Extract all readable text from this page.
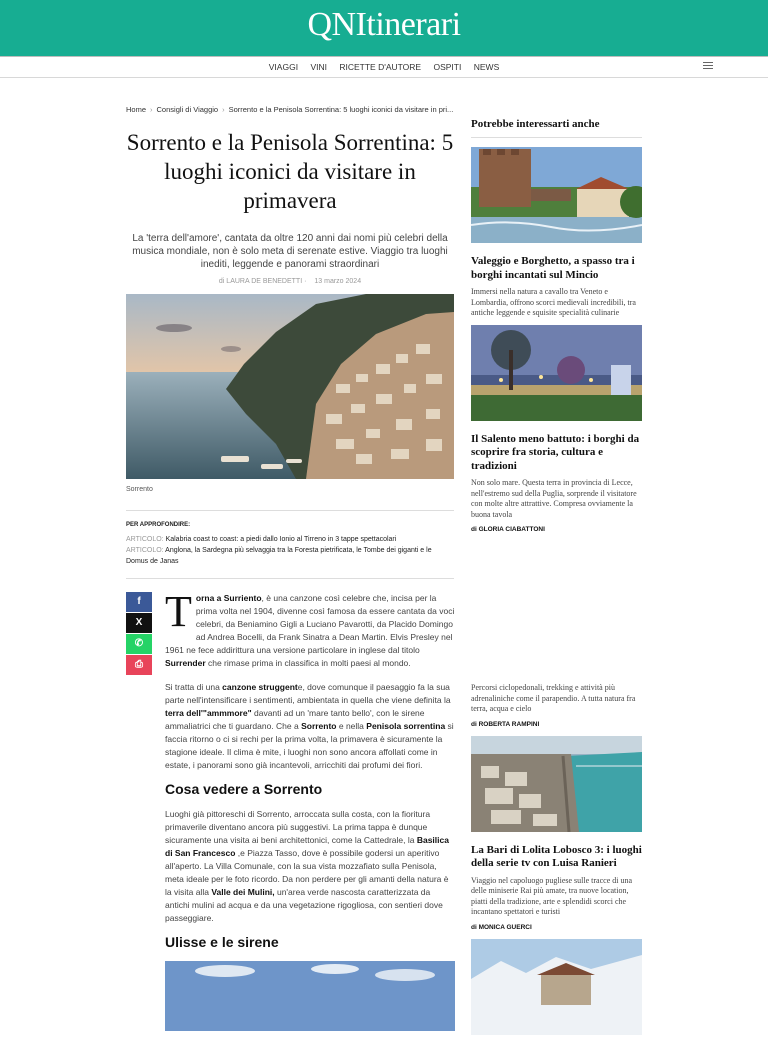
QNItinerari
VIAGGI VINI RICETTE D'AUTORE OSPITI NEWS
Home › Consigli di Viaggio › Sorrento e la Penisola Sorrentina: 5 luoghi iconici da visitare in pri...
Sorrento e la Penisola Sorrentina: 5 luoghi iconici da visitare in primavera
La 'terra dell'amore', cantata da oltre 120 anni dai nomi più celebri della musica mondiale, non è solo meta di serenate estive. Viaggio tra luoghi inediti, leggende e panorami straordinari
di LAURA DE BENEDETTI · 13 marzo 2024
Sorrento
PER APPROFONDIRE:
ARTICOLO: Kalabria coast to coast: a piedi dallo Ionio al Tirreno in 3 tappe spettacolari
ARTICOLO: Anglona, la Sardegna più selvaggia tra la Foresta pietrificata, le Tombe dei giganti e le Domus de Janas
f
X
✆
⎙

Torna a Surriento, è una canzone così celebre che, incisa per la prima volta nel 1904, divenne così famosa da essere cantata da voci celebri, da Beniamino Gigli a Luciano Pavarotti, da Placido Domingo ad Andrea Bocelli, da Frank Sinatra a Dean Martin. Elvis Presley nel 1961 ne fece addirittura una versione particolare in inglese dal titolo Surrender che rimase prima in classifica in molti paesi al mondo.

Si tratta di una canzone struggente, dove comunque il paesaggio fa la sua parte nell'intensificare i sentimenti, ambientata in quella che viene definita la terra dell'"ammmore" davanti ad un 'mare tanto bello', con le sirene ammaliatrici che ti guardano. Che a Sorrento e nella Penisola sorrentina si faccia ritorno o ci si rechi per la prima volta, la primavera è sicuramente la stagione ideale. Il clima è mite, i luoghi non sono ancora affollati come in estate, i panorami sono già incantevoli, arricchiti dai profumi dei fiori.

Cosa vedere a Sorrento

Luoghi già pittoreschi di Sorrento, arroccata sulla costa, con la fioritura primaverile diventano ancora più suggestivi. La prima tappa è dunque sicuramente una visita ai beni architettonici, come la Cattedrale, la Basilica di San Francesco ,e Piazza Tasso, dove è possibile godersi un aperitivo all'aperto. La Villa Comunale, con la sua vista mozzafiato sulla Penisola, meta ideale per le foto ricordo. Da non perdere per gli amanti della natura è la visita alla Valle dei Mulini, un'area verde nascosta caratterizzata da antichi mulini ad acqua e da una vegetazione rigogliosa, con sentieri dove passeggiare.

Ulisse e le sirene
Potrebbe interessarti anche
Valeggio e Borghetto, a spasso tra i borghi incantati sul Mincio
Immersi nella natura a cavallo tra Veneto e Lombardia, offrono scorci medievali incredibili, tra antiche leggende e squisite specialità culinarie
Il Salento meno battuto: i borghi da scoprire fra storia, cultura e tradizioni
Non solo mare. Questa terra in provincia di Lecce, nell'estremo sud della Puglia, sorprende il visitatore con molte altre attrattive. Compresa ovviamente la buona tavola
di GLORIA CIABATTONI
Percorsi ciclopedonali, trekking e attività più adrenaliniche come il parapendio. A tutta natura fra terra, acqua e cielo
di ROBERTA RAMPINI
La Bari di Lolita Lobosco 3: i luoghi della serie tv con Luisa Ranieri
Viaggio nel capoluogo pugliese sulle tracce di una delle miniserie Rai più amate, tra nuove location, piatti della tradizione, arte e splendidi scorci che incantano spettatori e turisti
di MONICA GUERCI
